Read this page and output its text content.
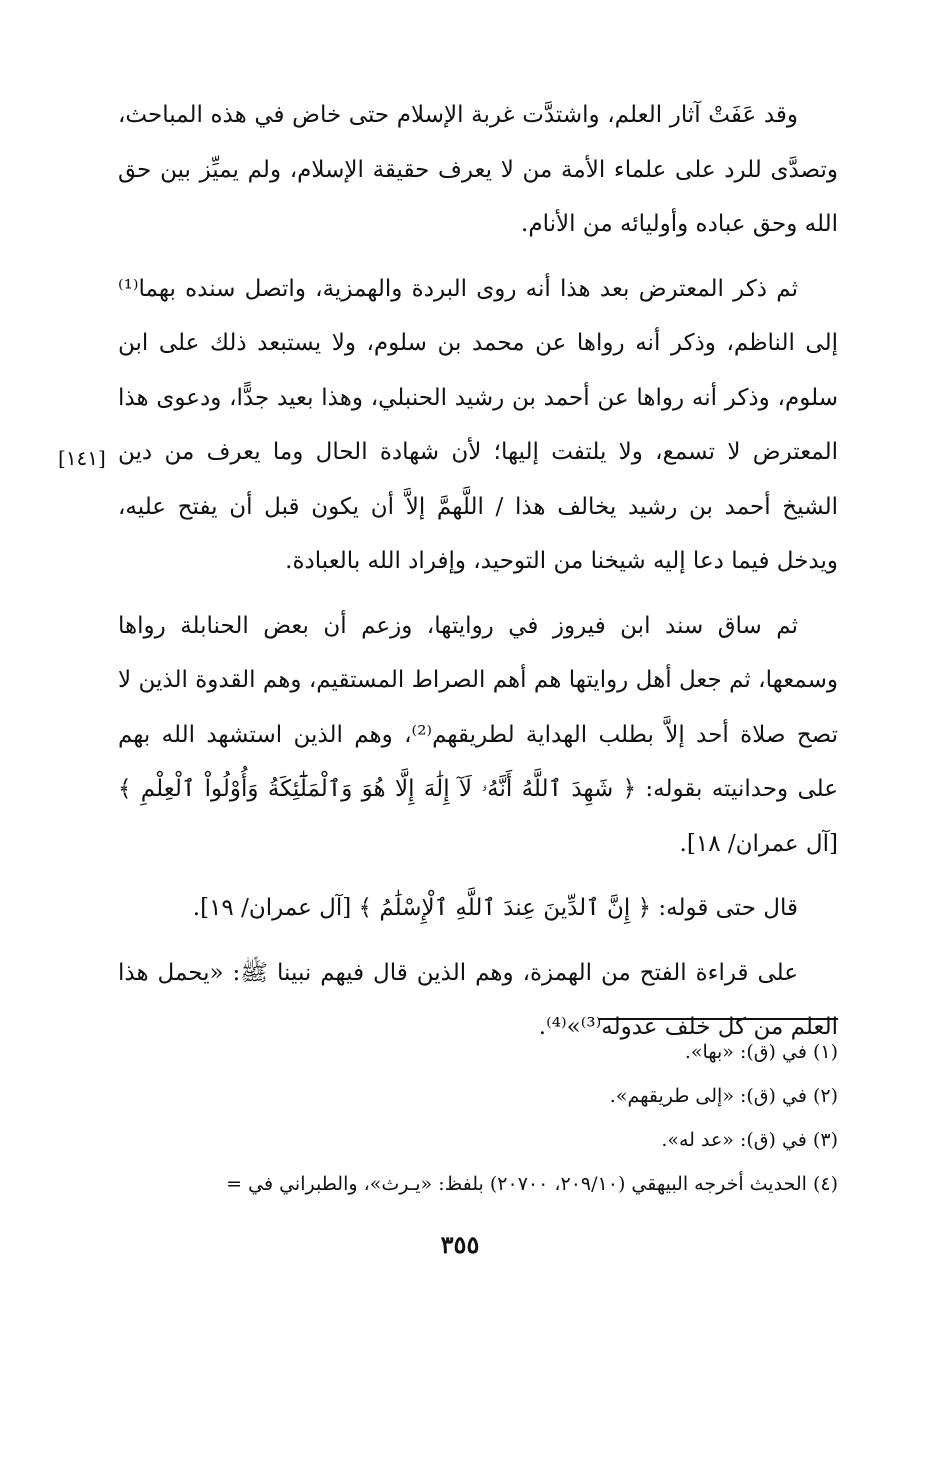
وقد عَفَتْ آثار العلم، واشتدَّت غربة الإسلام حتى خاض في هذه المباحث، وتصدَّى للرد على علماء الأمة من لا يعرف حقيقة الإسلام، ولم يميِّز بين حق الله وحق عباده وأوليائه من الأنام.

ثم ذكر المعترض بعد هذا أنه روى البردة والهمزية، واتصل سنده بهما⁽¹⁾ إلى الناظم، وذكر أنه رواها عن محمد بن سلوم، ولا يستبعد ذلك على ابن سلوم، وذكر أنه رواها عن أحمد بن رشيد الحنبلي، وهذا بعيد جدًّا، ودعوى هذا المعترض لا تسمع، ولا يلتفت إليها؛ لأن شهادة الحال وما يعرف من دين الشيخ أحمد بن رشيد يخالف هذا / اللَّهمَّ إلاَّ أن يكون قبل أن يفتح عليه، ويدخل فيما دعا إليه شيخنا من التوحيد، وإفراد الله بالعبادة.

ثم ساق سند ابن فيروز في روايتها، وزعم أن بعض الحنابلة رواها وسمعها، ثم جعل أهل روايتها هم أهم الصراط المستقيم، وهم القدوة الذين لا تصح صلاة أحد إلاَّ بطلب الهداية لطريقهم⁽²⁾، وهم الذين استشهد الله بهم على وحدانيته بقوله: ﴿ شَهِدَ ٱللَّهُ أَنَّهُۥ لَآ إِلَٰهَ إِلَّا هُوَ وَٱلْمَلَٰٓئِكَةُ وَأُوْلُواْ ٱلْعِلْمِ ﴾ [آل عمران/ ١٨].

قال حتى قوله: ﴿ إِنَّ ٱلدِّينَ عِندَ ٱللَّهِ ٱلْإِسْلَٰمُ ﴾ [آل عمران/ ١٩].

على قراءة الفتح من الهمزة، وهم الذين قال فيهم نبينا ﷺ: «يحمل هذا العلم من كل خلف عدوله⁽³⁾»⁽⁴⁾.

[١٤١]

(١) في (ق): «بها».

(٢) في (ق): «إلى طريقهم».

(٣) في (ق): «عد له».

(٤) الحديث أخرجه البيهقي (٢٠٩/١٠، ٢٠٧٠٠) بلفظ: «يـرث»، والطبراني في =

٣٥٥
